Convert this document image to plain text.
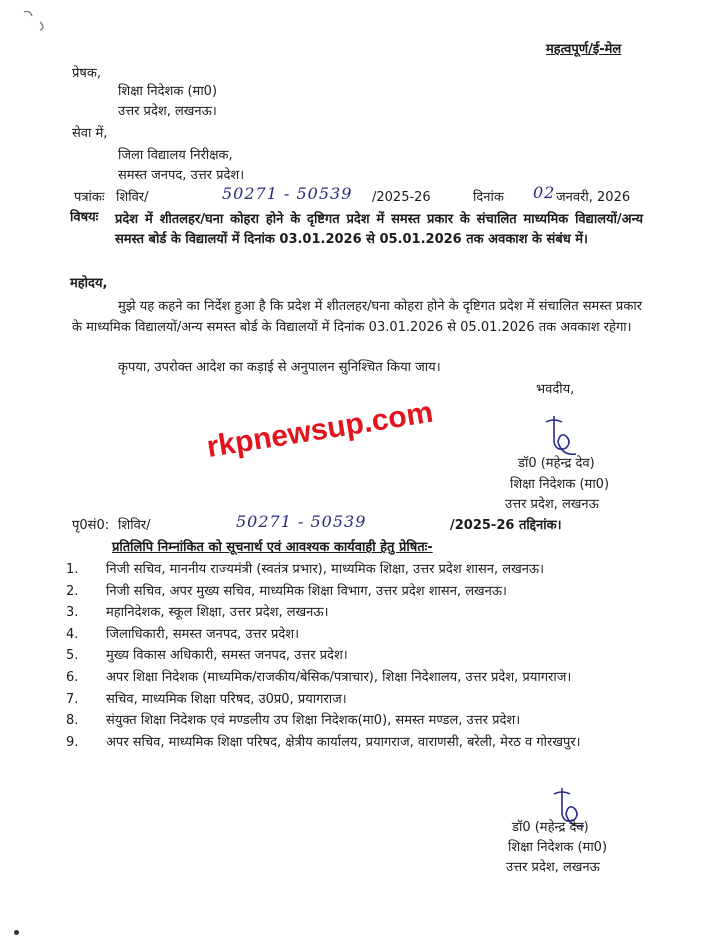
महत्वपूर्ण/ई-मेल
प्रेषक,
शिक्षा निदेशक (मा0)
उत्तर प्रदेश, लखनऊ।
सेवा में,
जिला विद्यालय निरीक्षक,
समस्त जनपद, उत्तर प्रदेश।
पत्रांकः शिविर/	50271 - 50539 /2025-26	दिनांक 02 जनवरी, 2026
विषयः प्रदेश में शीतलहर/घना कोहरा होने के दृष्टिगत प्रदेश में समस्त प्रकार के संचालित माध्यमिक विद्यालयों/अन्य समस्त बोर्ड के विद्यालयों में दिनांक 03.01.2026 से 05.01.2026 तक अवकाश के संबंध में।
महोदय,
मुझे यह कहने का निर्देश हुआ है कि प्रदेश में शीतलहर/घना कोहरा होने के दृष्टिगत प्रदेश में संचालित समस्त प्रकार के माध्यमिक विद्यालयों/अन्य समस्त बोर्ड के विद्यालयों में दिनांक 03.01.2026 से 05.01.2026 तक अवकाश रहेगा।
कृपया, उपरोक्त आदेश का कड़ाई से अनुपालन सुनिश्चित किया जाय।
भवदीय,
डॉ0 (महेन्द्र देव)
शिक्षा निदेशक (मा0)
उत्तर प्रदेश, लखनऊ
rkpnewsup.com
पृ0सं0: शिविर/	50271 - 50539	/2025-26 तद्दिनांक।
प्रतिलिपि निम्नांकित को सूचनार्थ एवं आवश्यक कार्यवाही हेतु प्रेषितः-
1. निजी सचिव, माननीय राज्यमंत्री (स्वतंत्र प्रभार), माध्यमिक शिक्षा, उत्तर प्रदेश शासन, लखनऊ।
2. निजी सचिव, अपर मुख्य सचिव, माध्यमिक शिक्षा विभाग, उत्तर प्रदेश शासन, लखनऊ।
3. महानिदेशक, स्कूल शिक्षा, उत्तर प्रदेश, लखनऊ।
4. जिलाधिकारी, समस्त जनपद, उत्तर प्रदेश।
5. मुख्य विकास अधिकारी, समस्त जनपद, उत्तर प्रदेश।
6. अपर शिक्षा निदेशक (माध्यमिक/राजकीय/बेसिक/पत्राचार), शिक्षा निदेशालय, उत्तर प्रदेश, प्रयागराज।
7. सचिव, माध्यमिक शिक्षा परिषद, उ0प्र0, प्रयागराज।
8. संयुक्त शिक्षा निदेशक एवं मण्डलीय उप शिक्षा निदेशक(मा0), समस्त मण्डल, उत्तर प्रदेश।
9. अपर सचिव, माध्यमिक शिक्षा परिषद, क्षेत्रीय कार्यालय, प्रयागराज, वाराणसी, बरेली, मेरठ व गोरखपुर।
डॉ0 (महेन्द्र देव)
शिक्षा निदेशक (मा0)
उत्तर प्रदेश, लखनऊ
